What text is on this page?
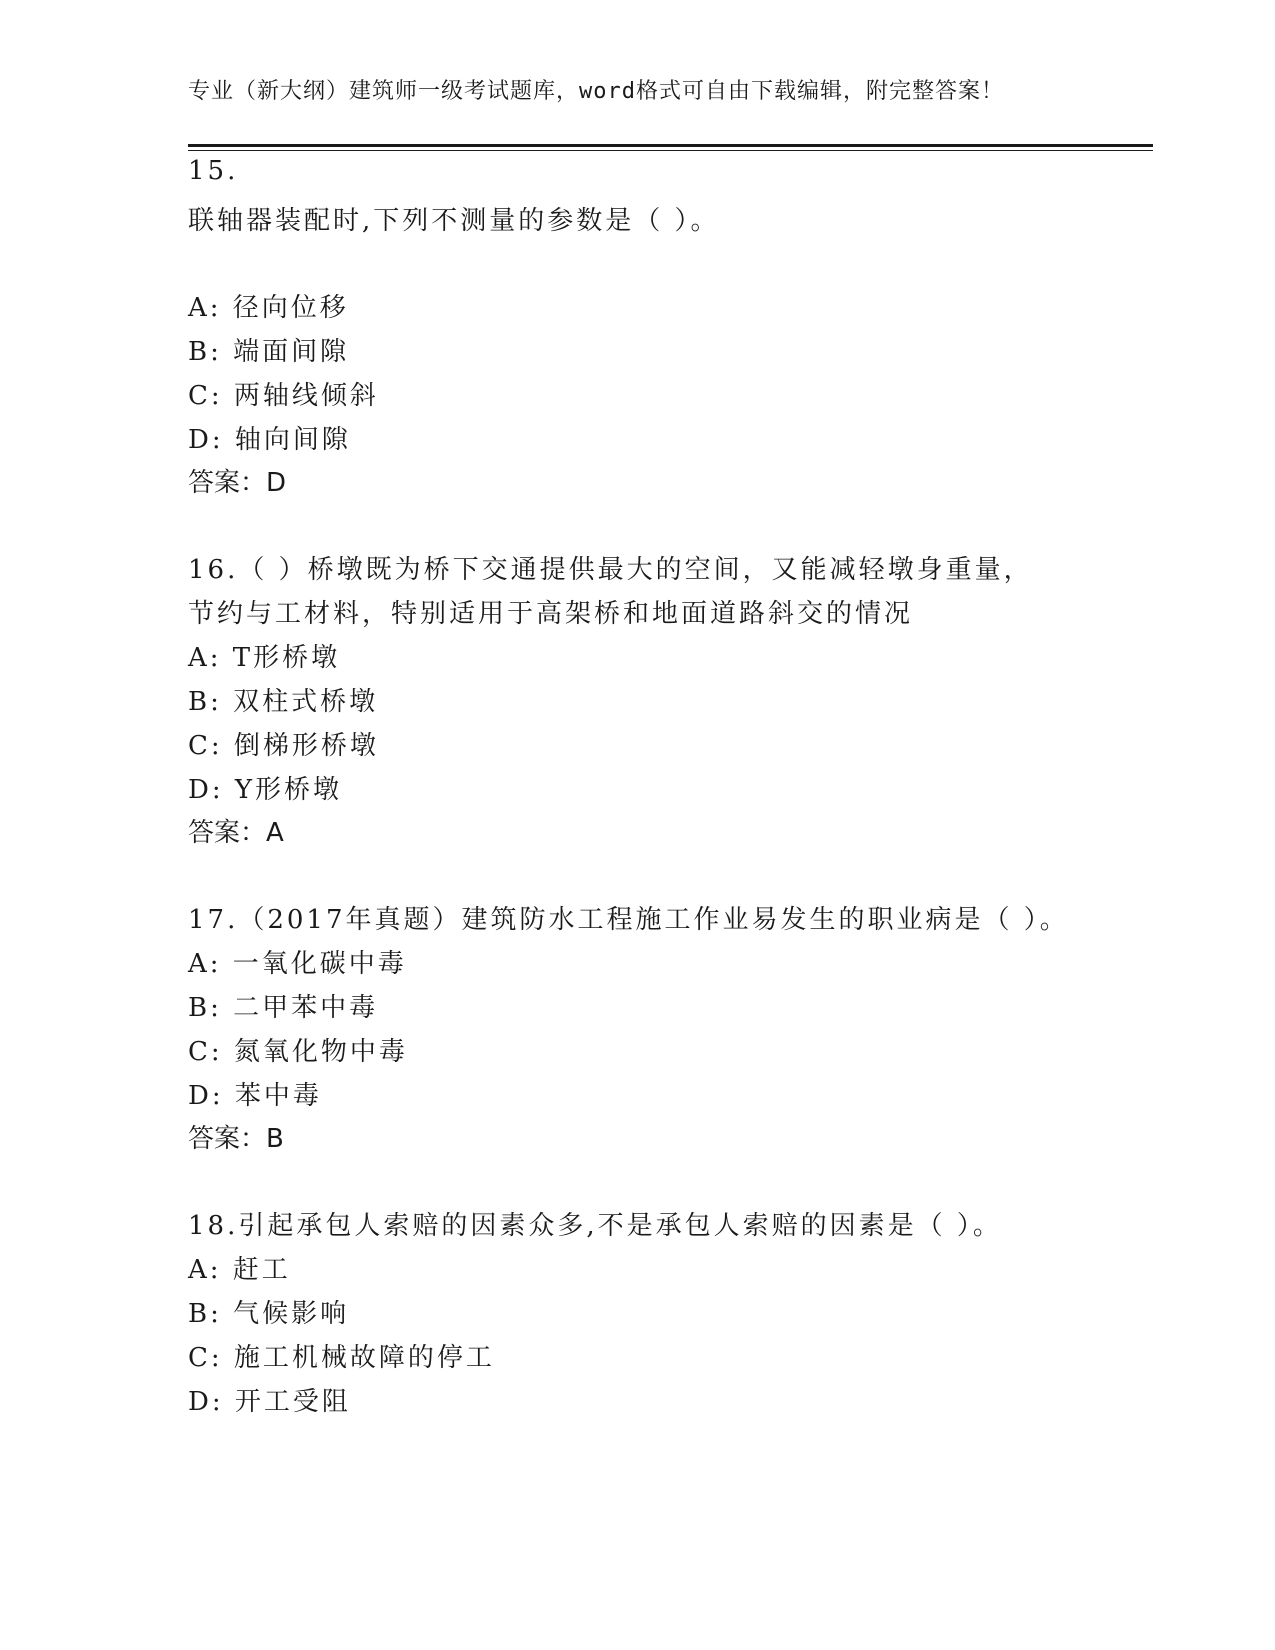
专业（新大纲）建筑师一级考试题库，word格式可自由下载编辑，附完整答案！
15.
联轴器装配时,下列不测量的参数是（ ）。
A: 径向位移
B: 端面间隙
C: 两轴线倾斜
D: 轴向间隙
答案：D
16.（ ）桥墩既为桥下交通提供最大的空间，又能减轻墩身重量，
节约与工材料，特别适用于高架桥和地面道路斜交的情况
A: T形桥墩
B: 双柱式桥墩
C: 倒梯形桥墩
D: Y形桥墩
答案：A
17.（2017年真题）建筑防水工程施工作业易发生的职业病是（ ）。
A: 一氧化碳中毒
B: 二甲苯中毒
C: 氮氧化物中毒
D: 苯中毒
答案：B
18.引起承包人索赔的因素众多,不是承包人索赔的因素是（ ）。
A: 赶工
B: 气候影响
C: 施工机械故障的停工
D: 开工受阻
